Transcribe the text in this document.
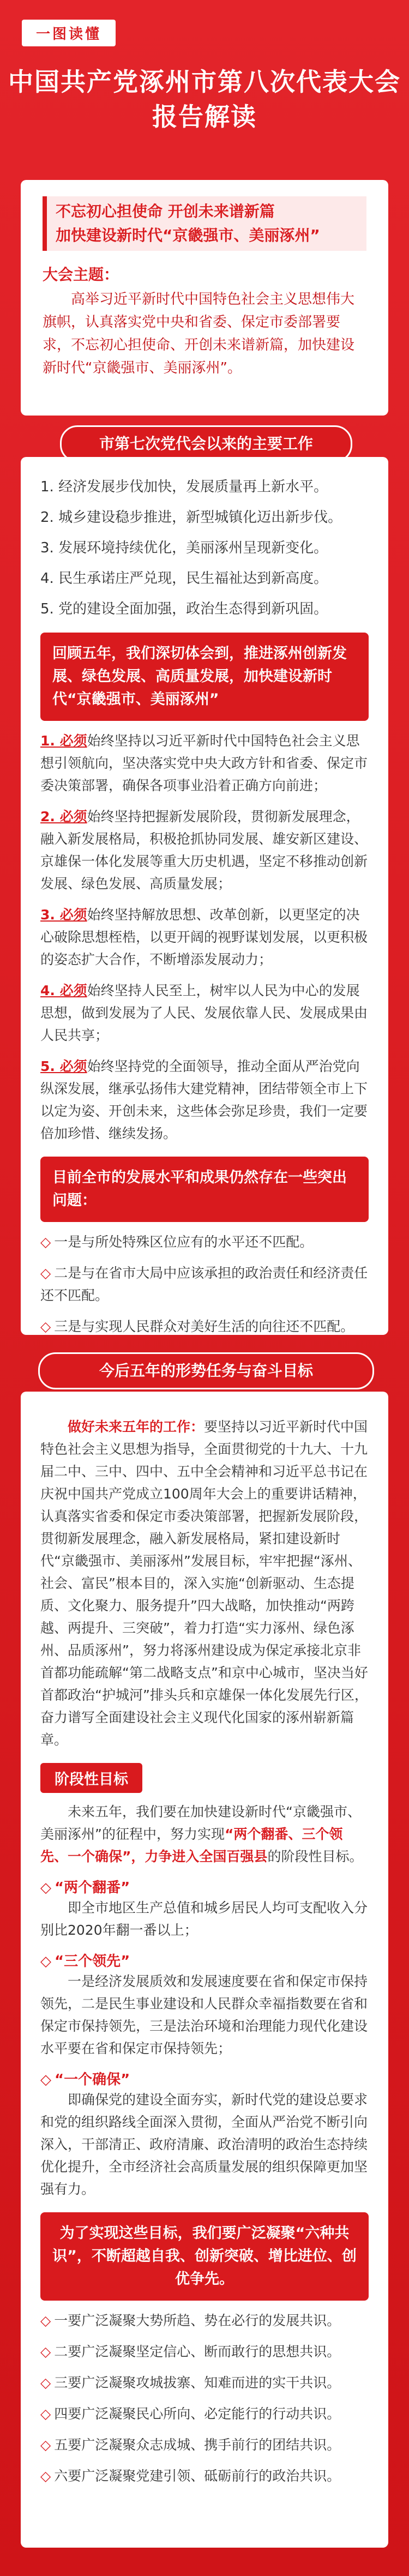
一图读懂
中国共产党涿州市第八次代表大会
报告解读
不忘初心担使命 开创未来谱新篇
加快建设新时代“京畿强市、美丽涿州”
大会主题：
高举习近平新时代中国特色社会主义思想伟大旗帜，认真落实党中央和省委、保定市委部署要求，不忘初心担使命、开创未来谱新篇，加快建设新时代“京畿强市、美丽涿州”。
市第七次党代会以来的主要工作
1. 经济发展步伐加快，发展质量再上新水平。
2. 城乡建设稳步推进，新型城镇化迈出新步伐。
3. 发展环境持续优化，美丽涿州呈现新变化。
4. 民生承诺庄严兑现，民生福祉达到新高度。
5. 党的建设全面加强，政治生态得到新巩固。
回顾五年，我们深切体会到，推进涿州创新发展、绿色发展、高质量发展，加快建设新时代“京畿强市、美丽涿州”
1. 必须始终坚持以习近平新时代中国特色社会主义思想引领航向，坚决落实党中央大政方针和省委、保定市委决策部署，确保各项事业沿着正确方向前进；
2. 必须始终坚持把握新发展阶段，贯彻新发展理念，融入新发展格局，积极抢抓协同发展、雄安新区建设、京雄保一体化发展等重大历史机遇，坚定不移推动创新发展、绿色发展、高质量发展；
3. 必须始终坚持解放思想、改革创新，以更坚定的决心破除思想桎梏，以更开阔的视野谋划发展，以更积极的姿态扩大合作，不断增添发展动力；
4. 必须始终坚持人民至上，树牢以人民为中心的发展思想，做到发展为了人民、发展依靠人民、发展成果由人民共享；
5. 必须始终坚持党的全面领导，推动全面从严治党向纵深发展，继承弘扬伟大建党精神，团结带领全市上下以定为姿、开创未来，这些体会弥足珍贵，我们一定要倍加珍惜、继续发扬。
目前全市的发展水平和成果仍然存在一些突出问题：
◇ 一是与所处特殊区位应有的水平还不匹配。
◇ 二是与在省市大局中应该承担的政治责任和经济责任还不匹配。
◇ 三是与实现人民群众对美好生活的向往还不匹配。
今后五年的形势任务与奋斗目标
做好未来五年的工作：要坚持以习近平新时代中国特色社会主义思想为指导，全面贯彻党的十九大、十九届二中、三中、四中、五中全会精神和习近平总书记在庆祝中国共产党成立100周年大会上的重要讲话精神，认真落实省委和保定市委决策部署，把握新发展阶段，贯彻新发展理念，融入新发展格局，紧扣建设新时代“京畿强市、美丽涿州”发展目标，牢牢把握“涿州、社会、富民”根本目的，深入实施“创新驱动、生态提质、文化聚力、服务提升”四大战略，加快推动“两跨越、两提升、三突破”，着力打造“实力涿州、绿色涿州、品质涿州”，努力将涿州建设成为保定承接北京非首都功能疏解“第二战略支点”和京中心城市，坚决当好首都政治“护城河”排头兵和京雄保一体化发展先行区，奋力谱写全面建设社会主义现代化国家的涿州崭新篇章。
阶段性目标
未来五年，我们要在加快建设新时代“京畿强市、美丽涿州”的征程中，努力实现“两个翻番、三个领先、一个确保”，力争进入全国百强县的阶段性目标。
◇ “两个翻番”
即全市地区生产总值和城乡居民人均可支配收入分别比2020年翻一番以上；
◇ “三个领先”
一是经济发展质效和发展速度要在省和保定市保持领先，二是民生事业建设和人民群众幸福指数要在省和保定市保持领先，三是法治环境和治理能力现代化建设水平要在省和保定市保持领先；
◇ “一个确保”
即确保党的建设全面夯实，新时代党的建设总要求和党的组织路线全面深入贯彻，全面从严治党不断引向深入，干部清正、政府清廉、政治清明的政治生态持续优化提升，全市经济社会高质量发展的组织保障更加坚强有力。
为了实现这些目标，我们要广泛凝聚“六种共识”，不断超越自我、创新突破、增比进位、创优争先。
◇ 一要广泛凝聚大势所趋、势在必行的发展共识。
◇ 二要广泛凝聚坚定信心、断而敢行的思想共识。
◇ 三要广泛凝聚攻城拔寨、知难而进的实干共识。
◇ 四要广泛凝聚民心所向、必定能行的行动共识。
◇ 五要广泛凝聚众志成城、携手前行的团结共识。
◇ 六要广泛凝聚党建引领、砥砺前行的政治共识。
